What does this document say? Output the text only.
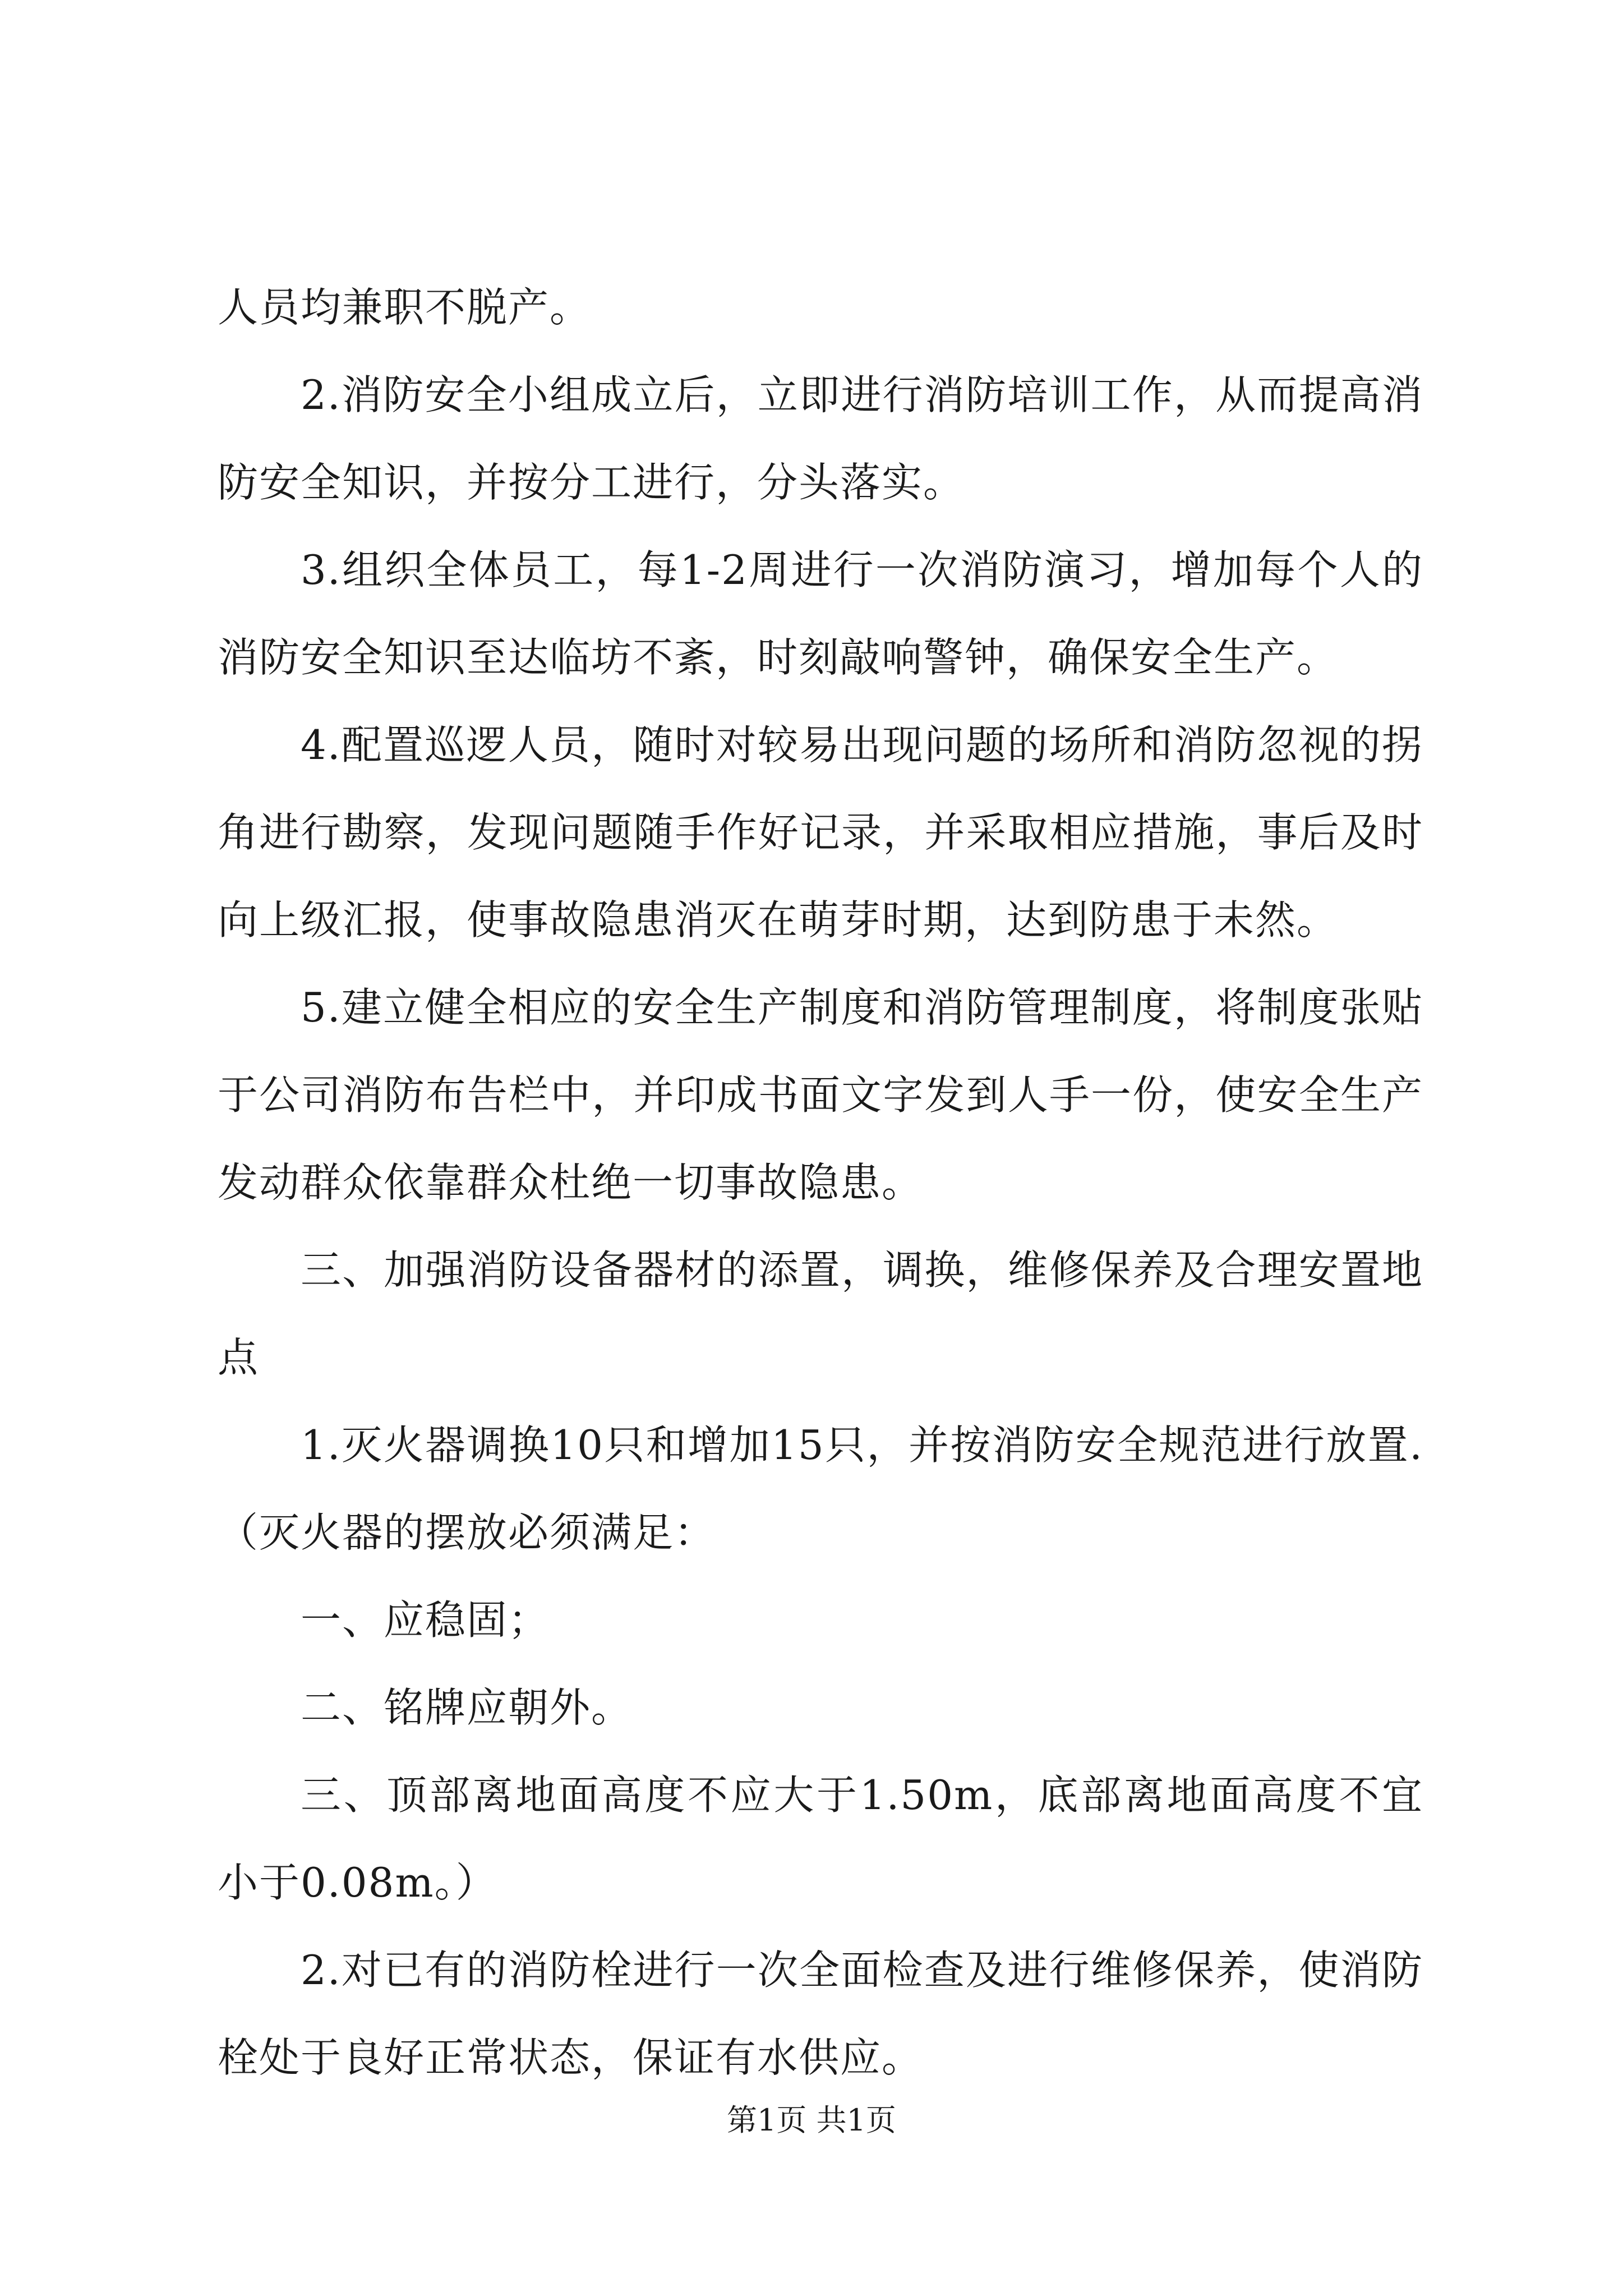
人员均兼职不脱产。

2.消防安全小组成立后，立即进行消防培训工作，从而提高消防安全知识，并按分工进行，分头落实。

3.组织全体员工，每1-2周进行一次消防演习，增加每个人的消防安全知识至达临坊不紊，时刻敲响警钟，确保安全生产。

4.配置巡逻人员，随时对较易出现问题的场所和消防忽视的拐角进行勘察，发现问题随手作好记录，并采取相应措施，事后及时向上级汇报，使事故隐患消灭在萌芽时期，达到防患于未然。

5.建立健全相应的安全生产制度和消防管理制度，将制度张贴于公司消防布告栏中，并印成书面文字发到人手一份，使安全生产发动群众依靠群众杜绝一切事故隐患。

三、加强消防设备器材的添置，调换，维修保养及合理安置地点

1.灭火器调换10只和增加15只，并按消防安全规范进行放置.（灭火器的摆放必须满足：

一、应稳固；

二、铭牌应朝外。

三、顶部离地面高度不应大于1.50m，底部离地面高度不宜小于0.08m。）

2.对已有的消防栓进行一次全面检查及进行维修保养，使消防栓处于良好正常状态，保证有水供应。

第1页 共1页
